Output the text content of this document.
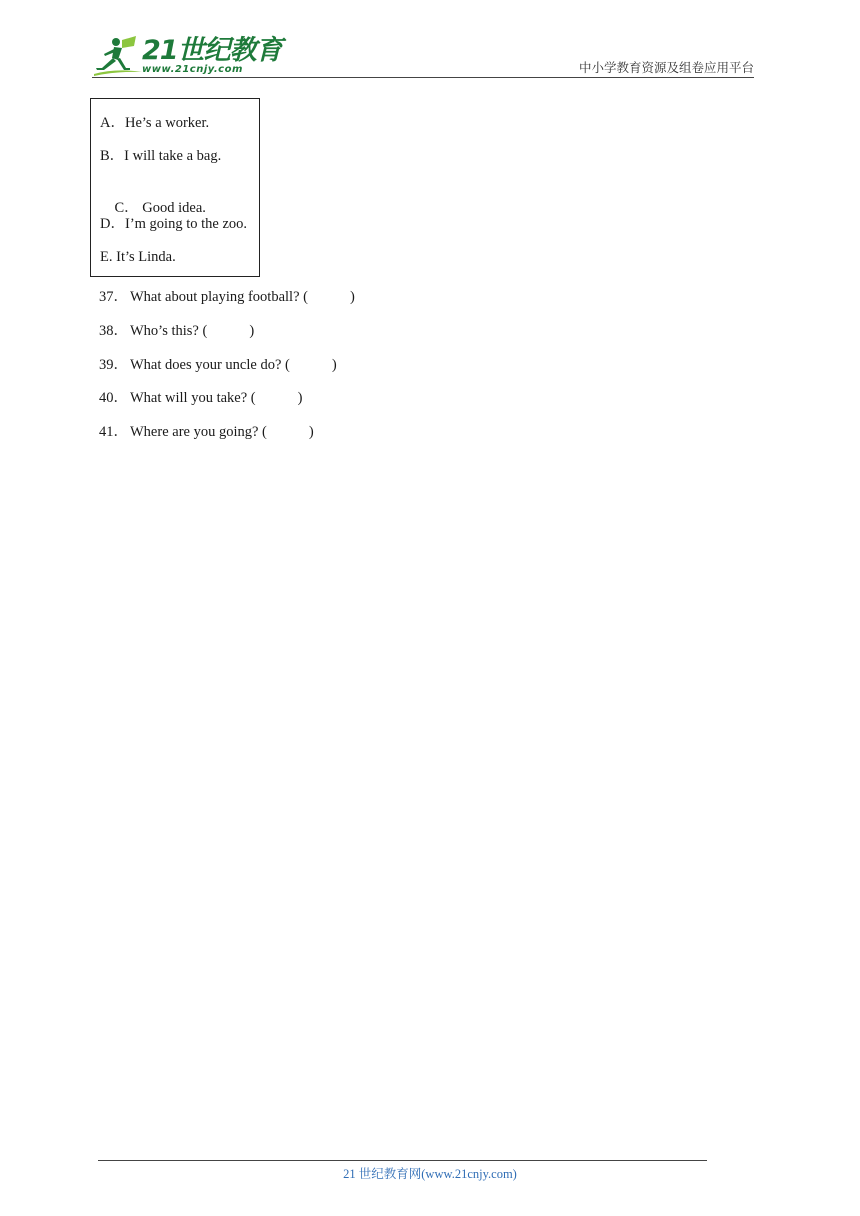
21世纪教育
www.21cnjy.com	中小学教育资源及组卷应用平台
A．He’s a worker.
B．I will take a bag.

C． Good idea.

D．I’m going to the zoo.
E. It’s Linda.
37． What about playing football? (	)
38． Who’s this? (	)
39． What does your uncle do? (	)
40． What will you take? (	)
41． Where are you going? (	)
21 世纪教育网(www.21cnjy.com)
